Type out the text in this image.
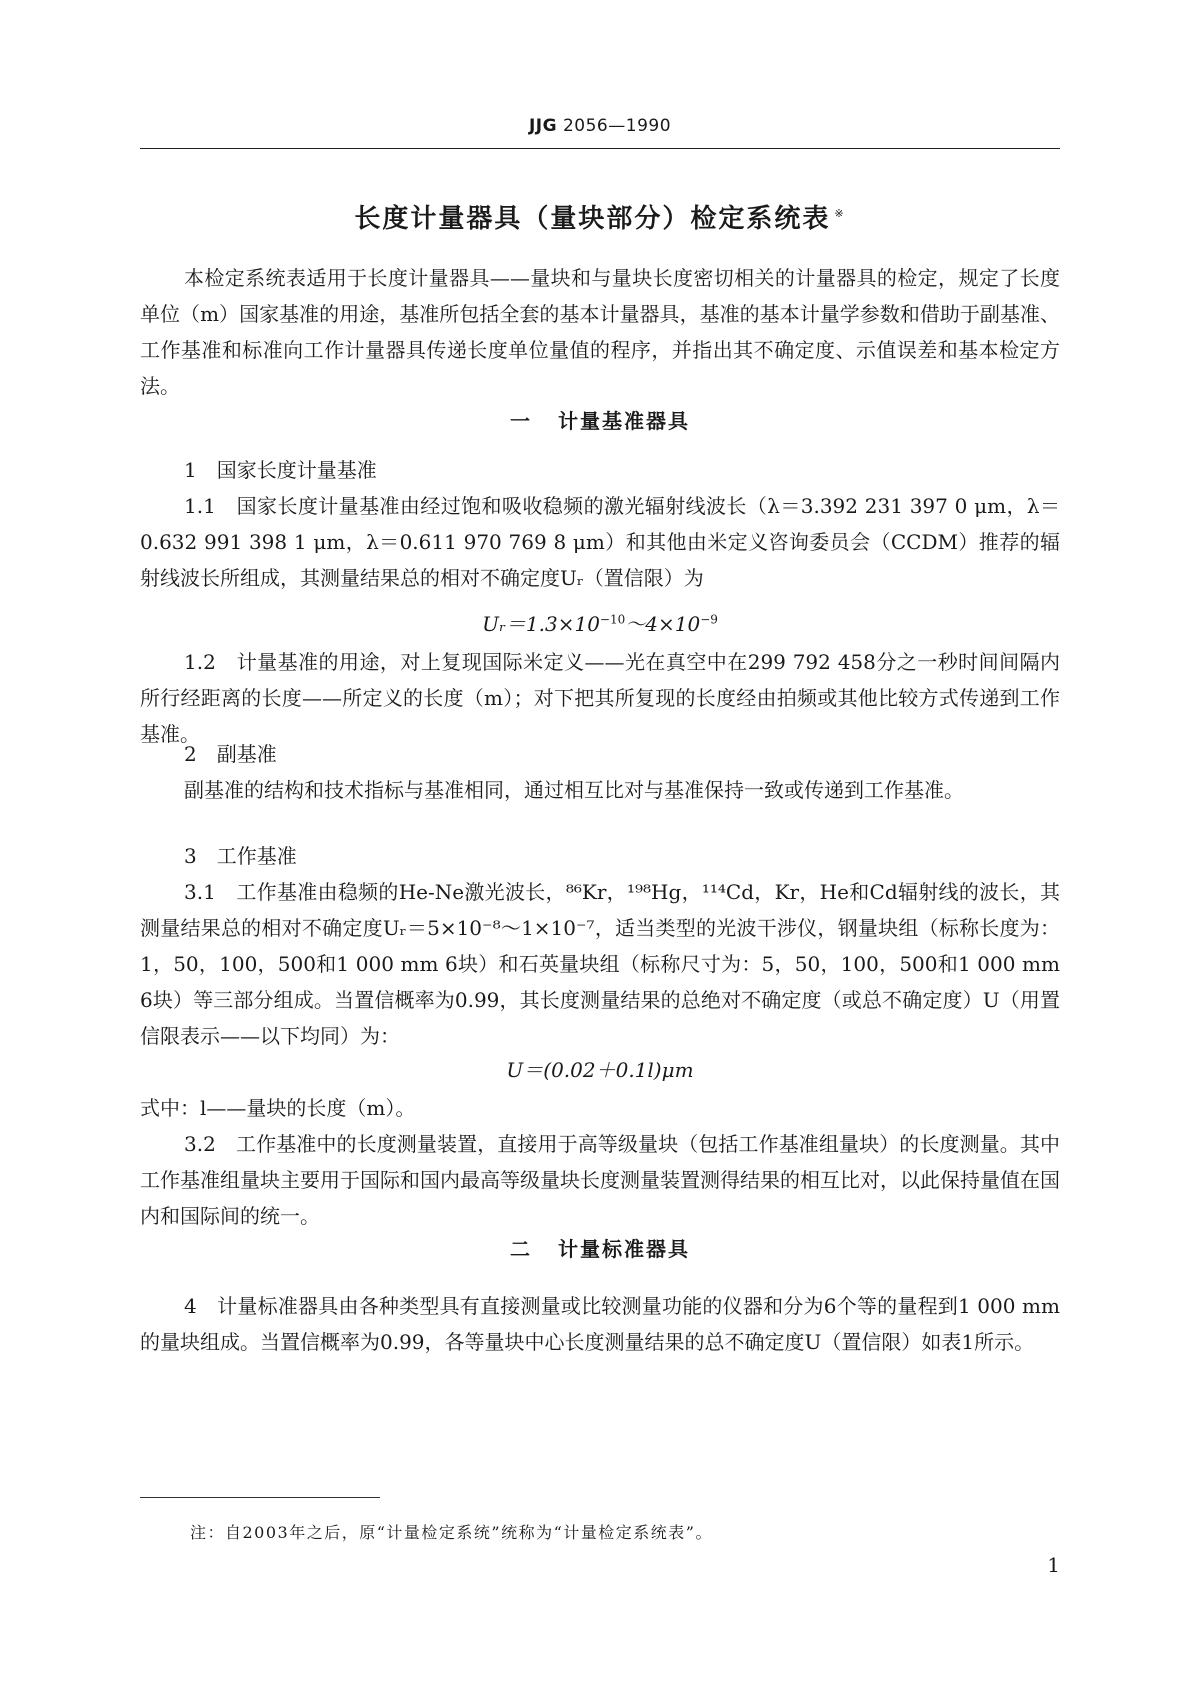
JJG 2056—1990
长度计量器具（量块部分）检定系统表 ※

本检定系统表适用于长度计量器具——量块和与量块长度密切相关的计量器具的检定，规定了长度单位（m）国家基准的用途，基准所包括全套的基本计量器具，基准的基本计量学参数和借助于副基准、工作基准和标准向工作计量器具传递长度单位量值的程序，并指出其不确定度、示值误差和基本检定方法。

一 计量基准器具

1　国家长度计量基准

1.1　国家长度计量基准由经过饱和吸收稳频的激光辐射线波长（λ＝3.392 231 397 0 μm，λ＝0.632 991 398 1 μm，λ＝0.611 970 769 8 μm）和其他由米定义咨询委员会（CCDM）推荐的辐射线波长所组成，其测量结果总的相对不确定度Uᵣ（置信限）为

$Uᵣ=1.3\times 10^{-10}\sim 4\times 10^{-9}$

1.2　计量基准的用途，对上复现国际米定义——光在真空中在299 792 458分之一秒时间间隔内所行经距离的长度——所定义的长度（m）；对下把其所复现的长度经由拍频或其他比较方式传递到工作基准。

2　副基准

副基准的结构和技术指标与基准相同，通过相互比对与基准保持一致或传递到工作基准。

3　工作基准

3.1　工作基准由稳频的He-Ne激光波长，⁸⁶Kr，¹⁹⁸Hg，¹¹⁴Cd，Kr，He和Cd辐射线的波长，其测量结果总的相对不确定度Uᵣ＝5×10⁻⁸～1×10⁻⁷，适当类型的光波干涉仪，钢量块组（标称长度为：1，50，100，500和1 000 mm 6块）和石英量块组（标称尺寸为：5，50，100，500和1 000 mm 6块）等三部分组成。当置信概率为0.99，其长度测量结果的总绝对不确定度（或总不确定度）U（用置信限表示——以下均同）为：

U＝(0.02＋0.1l)μm

式中：l——量块的长度（m）。

3.2　工作基准中的长度测量装置，直接用于高等级量块（包括工作基准组量块）的长度测量。其中工作基准组量块主要用于国际和国内最高等级量块长度测量装置测得结果的相互比对，以此保持量值在国内和国际间的统一。

二 计量标准器具

4　计量标准器具由各种类型具有直接测量或比较测量功能的仪器和分为6个等的量程到1 000 mm的量块组成。当置信概率为0.99，各等量块中心长度测量结果的总不确定度U（置信限）如表1所示。

注：自2003年之后，原“计量检定系统”统称为“计量检定系统表”。
1
